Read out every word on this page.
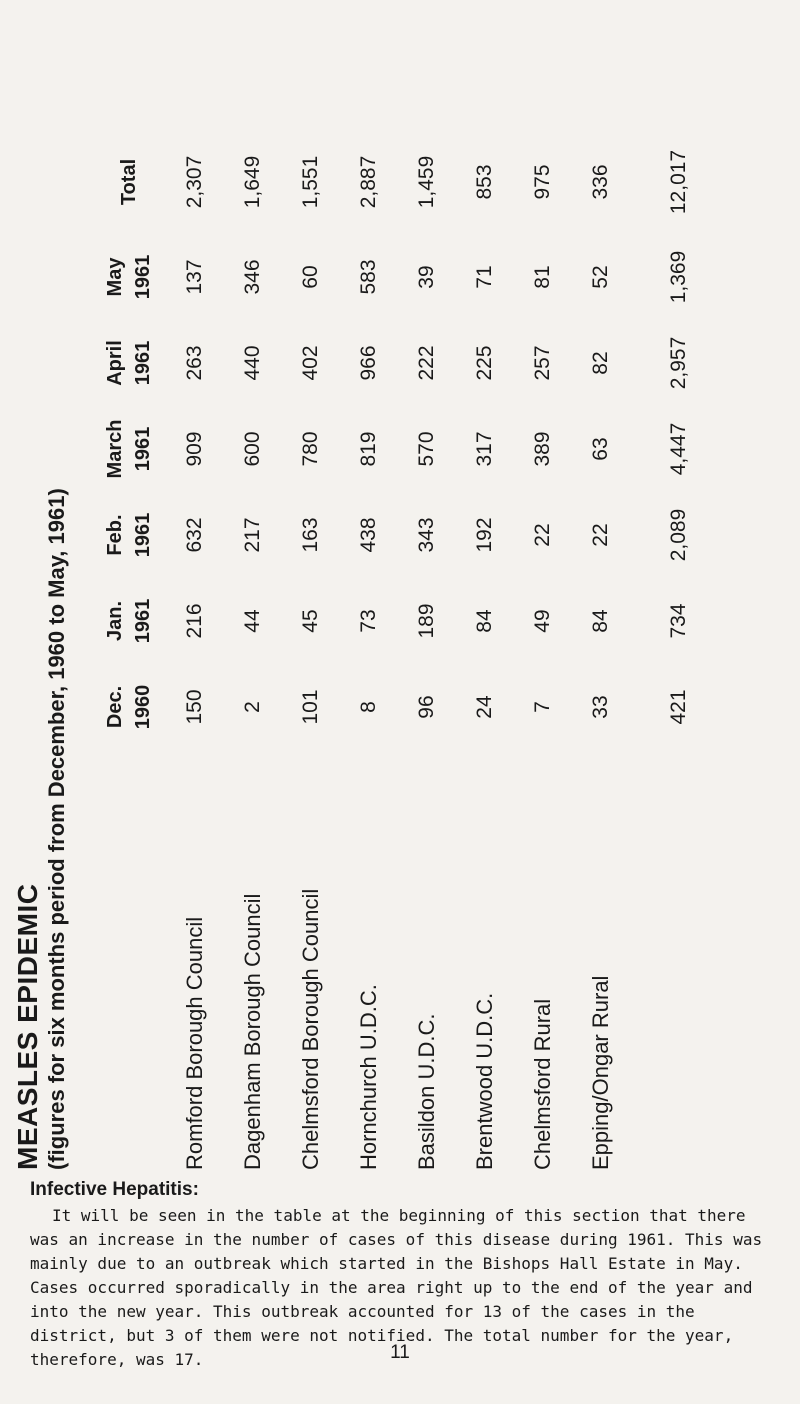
MEASLES EPIDEMIC (figures for six months period from December, 1960 to May, 1961) Dec. 1960
Jan. 1961
Feb. 1961
March 1961
April 1961
May 1961
Total
Romford Borough Council
150
216
632
909
263
137
2,307
Dagenham Borough Council
2
44
217
600
440
346
1,649
Chelmsford Borough Council
101
45
163
780
402
60
1,551
Hornchurch U.D.C.
8
73
438
819
966
583
2,887
Basildon U.D.C.
96
189
343
570
222
39
1,459
Brentwood U.D.C.
24
84
192
317
225
71
853
Chelmsford Rural
7
49
22
389
257
81
975
Epping/Ongar Rural
33
84
22
63
82
52
336
421
734
2,089
4,447
2,957
1,369
12,017
Infective Hepatitis:
It will be seen in the table at the beginning of this section that there was an increase in the number of cases of this disease during 1961. This was mainly due to an outbreak which started in the Bishops Hall Estate in May. Cases occurred sporadically in the area right up to the end of the year and into the new year. This outbreak accounted for 13 of the cases in the district, but 3 of them were not notified. The total number for the year, therefore, was 17.	11
